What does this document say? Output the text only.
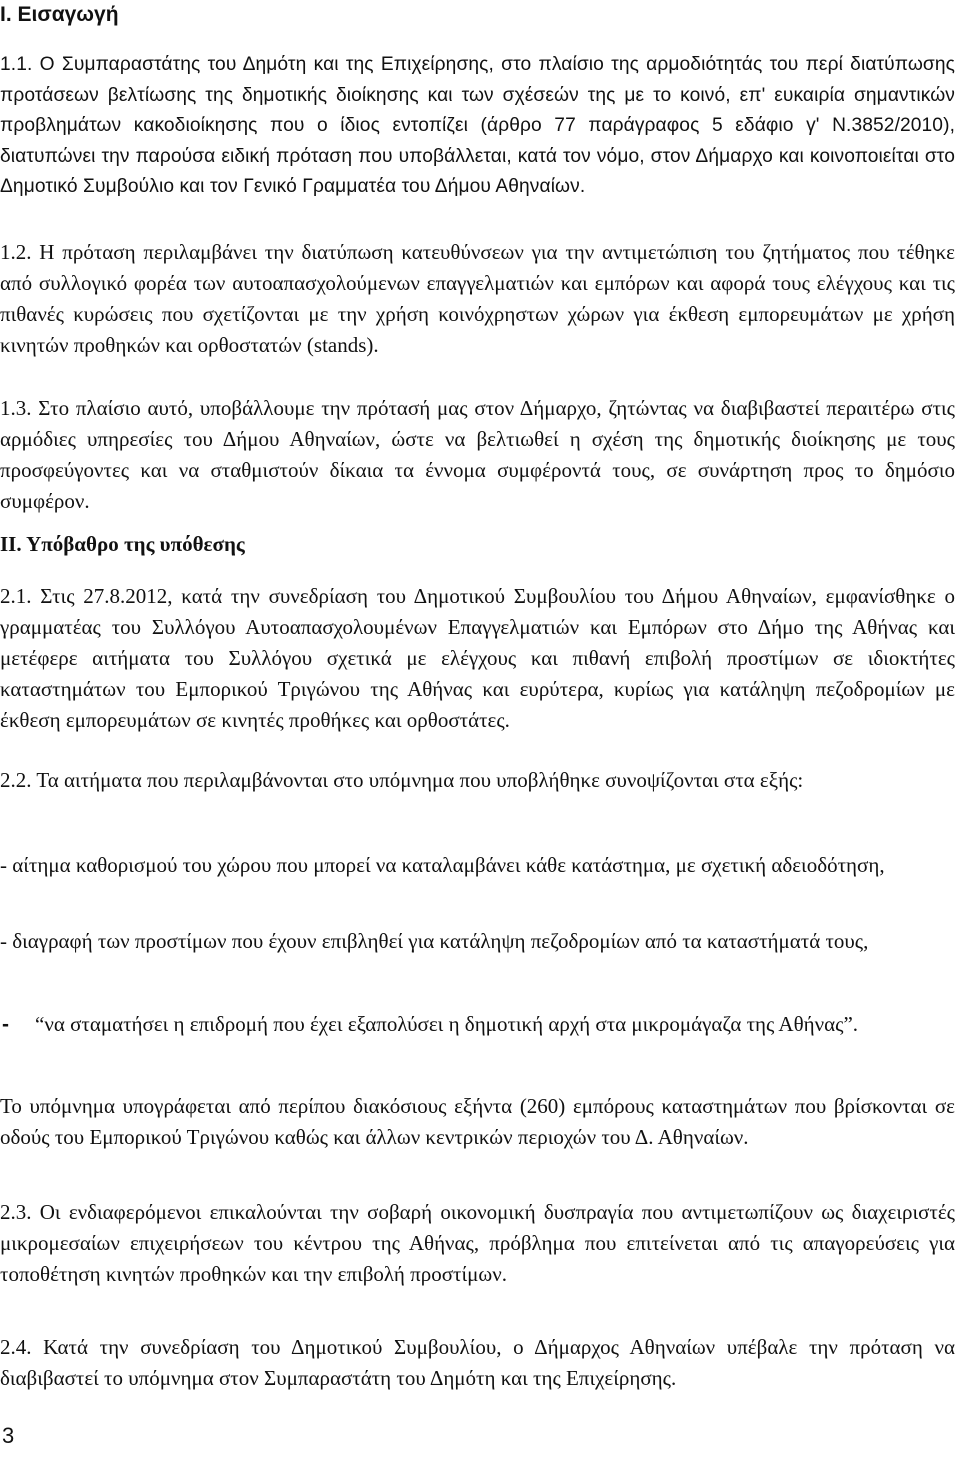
I. Εισαγωγή

1.1. Ο Συμπαραστάτης του Δημότη και της Επιχείρησης, στο πλαίσιο της αρμοδιότητάς του περί διατύπωσης προτάσεων βελτίωσης της δημοτικής διοίκησης και των σχέσεών της με το κοινό, επ' ευκαιρία σημαντικών προβλημάτων κακοδιοίκησης που ο ίδιος εντοπίζει (άρθρο 77 παράγραφος 5 εδάφιο γ' Ν.3852/2010), διατυπώνει την παρούσα ειδική πρόταση που υποβάλλεται, κατά τον νόμο, στον Δήμαρχο και κοινοποιείται στο Δημοτικό Συμβούλιο και τον Γενικό Γραμματέα του Δήμου Αθηναίων.

1.2. Η πρόταση περιλαμβάνει την διατύπωση κατευθύνσεων για την αντιμετώπιση του ζητήματος που τέθηκε από συλλογικό φορέα των αυτοαπασχολούμενων επαγγελματιών και εμπόρων και αφορά τους ελέγχους και τις πιθανές κυρώσεις που σχετίζονται με την χρήση κοινόχρηστων χώρων για έκθεση εμπορευμάτων με χρήση κινητών προθηκών και ορθοστατών (stands).

1.3. Στο πλαίσιο αυτό, υποβάλλουμε την πρότασή μας στον Δήμαρχο, ζητώντας να διαβιβαστεί περαιτέρω στις αρμόδιες υπηρεσίες του Δήμου Αθηναίων, ώστε να βελτιωθεί η σχέση της δημοτικής διοίκησης με τους προσφεύγοντες και να σταθμιστούν δίκαια τα έννομα συμφέροντά τους, σε συνάρτηση προς το δημόσιο συμφέρον.

ΙΙ. Υπόβαθρο της υπόθεσης

2.1. Στις 27.8.2012, κατά την συνεδρίαση του Δημοτικού Συμβουλίου του Δήμου Αθηναίων, εμφανίσθηκε ο γραμματέας του Συλλόγου Αυτοαπασχολουμένων Επαγγελματιών και Εμπόρων στο Δήμο της Αθήνας και μετέφερε αιτήματα του Συλλόγου σχετικά με ελέγχους και πιθανή επιβολή προστίμων σε ιδιοκτήτες καταστημάτων του Εμπορικού Τριγώνου της Αθήνας και ευρύτερα, κυρίως για κατάληψη πεζοδρομίων με έκθεση εμπορευμάτων σε κινητές προθήκες και ορθοστάτες.

2.2. Τα αιτήματα που περιλαμβάνονται στο υπόμνημα που υποβλήθηκε συνοψίζονται στα εξής:

- αίτημα καθορισμού του χώρου που μπορεί να καταλαμβάνει κάθε κατάστημα, με σχετική αδειοδότηση,

- διαγραφή των προστίμων που έχουν επιβληθεί για κατάληψη πεζοδρομίων από τα καταστήματά τους,

- “να σταματήσει η επιδρομή που έχει εξαπολύσει η δημοτική αρχή στα μικρομάγαζα της Αθήνας”.

Το υπόμνημα υπογράφεται από περίπου διακόσιους εξήντα (260) εμπόρους καταστημάτων που βρίσκονται σε οδούς του Εμπορικού Τριγώνου καθώς και άλλων κεντρικών περιοχών του Δ. Αθηναίων.

2.3. Οι ενδιαφερόμενοι επικαλούνται την σοβαρή οικονομική δυσπραγία που αντιμετωπίζουν ως διαχειριστές μικρομεσαίων επιχειρήσεων του κέντρου της Αθήνας, πρόβλημα που επιτείνεται από τις απαγορεύσεις για τοποθέτηση κινητών προθηκών και την επιβολή προστίμων.

2.4. Κατά την συνεδρίαση του Δημοτικού Συμβουλίου, ο Δήμαρχος Αθηναίων υπέβαλε την πρόταση να διαβιβαστεί το υπόμνημα στον Συμπαραστάτη του Δημότη και της Επιχείρησης.

3
